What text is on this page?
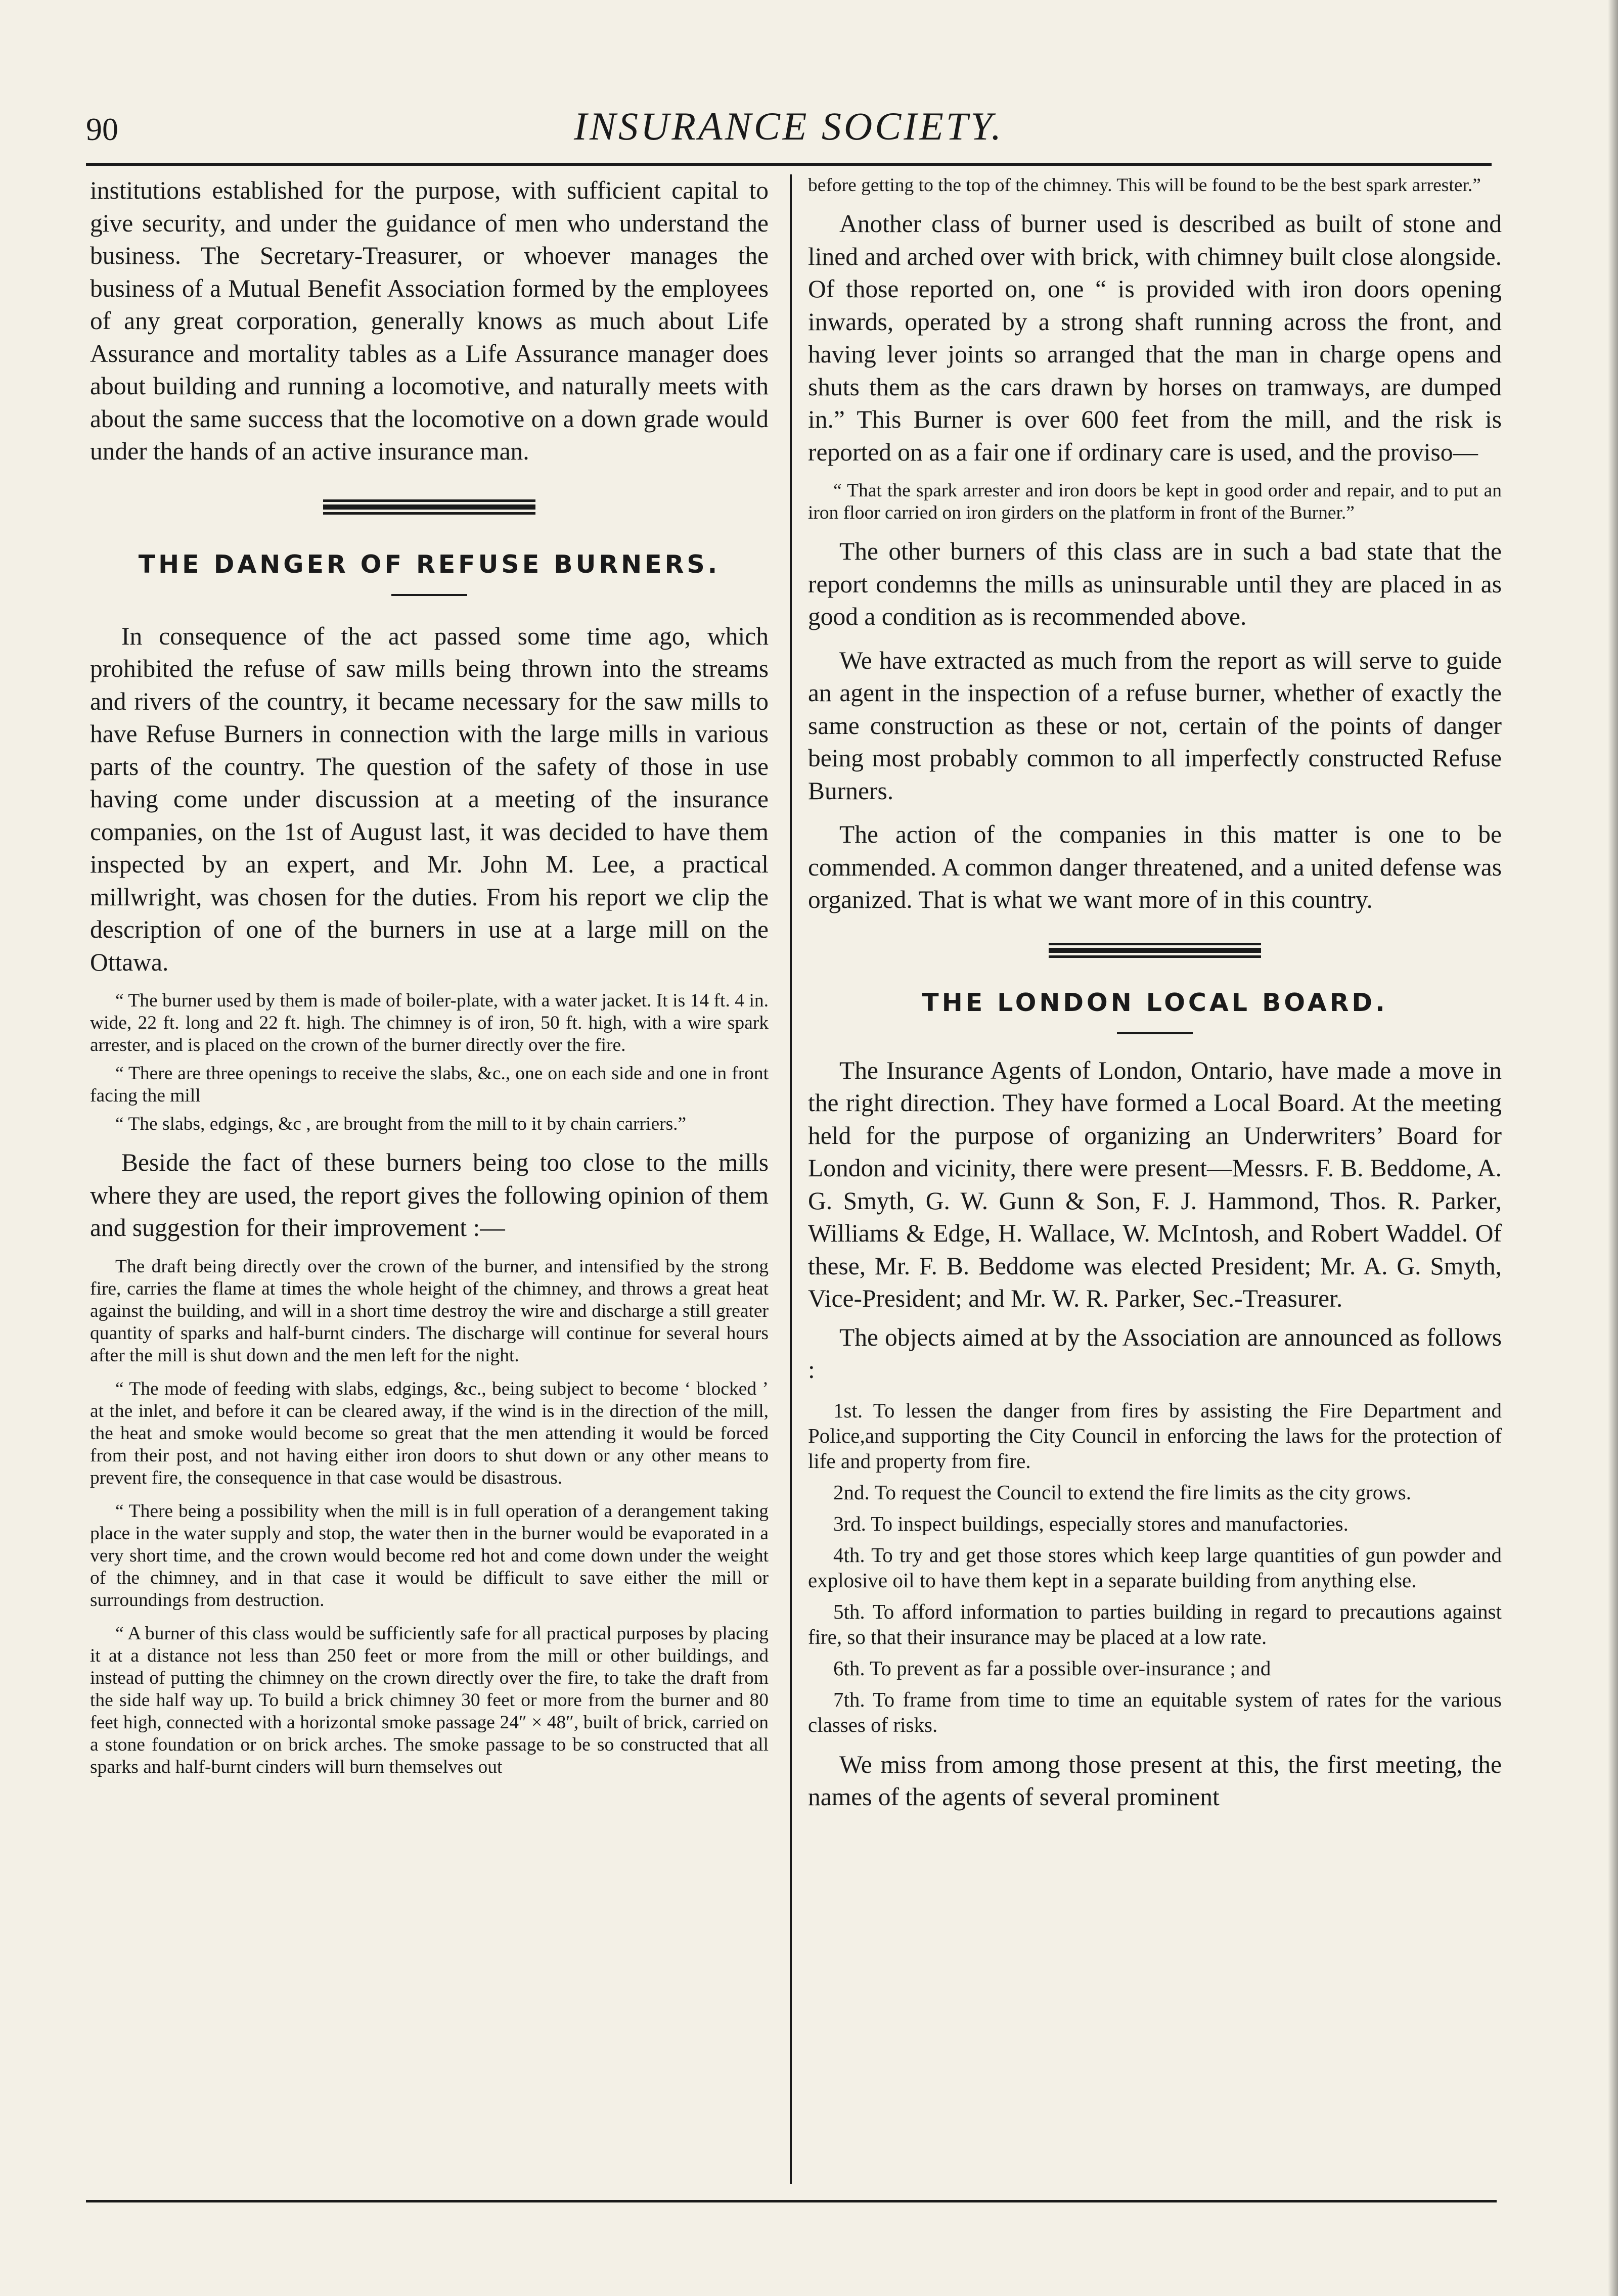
90	INSURANCE SOCIETY.

institutions established for the purpose, with sufficient capital to give security, and under the guidance of men who understand the business. The Secretary-Treasurer, or whoever manages the business of a Mutual Benefit Association formed by the employees of any great corporation, generally knows as much about Life Assurance and mortality tables as a Life Assurance manager does about building and running a locomotive, and naturally meets with about the same success that the locomotive on a down grade would under the hands of an active insurance man.

THE DANGER OF REFUSE BURNERS.

In consequence of the act passed some time ago, which prohibited the refuse of saw mills being thrown into the streams and rivers of the country, it became necessary for the saw mills to have Refuse Burners in connection with the large mills in various parts of the country. The question of the safety of those in use having come under discussion at a meeting of the insurance companies, on the 1st of August last, it was decided to have them inspected by an expert, and Mr. John M. Lee, a practical millwright, was chosen for the duties. From his report we clip the description of one of the burners in use at a large mill on the Ottawa.

“ The burner used by them is made of boiler-plate, with a water jacket. It is 14 ft. 4 in. wide, 22 ft. long and 22 ft. high. The chimney is of iron, 50 ft. high, with a wire spark arrester, and is placed on the crown of the burner directly over the fire.

“ There are three openings to receive the slabs, &c., one on each side and one in front facing the mill

“ The slabs, edgings, &c , are brought from the mill to it by chain carriers.”

Beside the fact of these burners being too close to the mills where they are used, the report gives the following opinion of them and suggestion for their improvement :—

The draft being directly over the crown of the burner, and intensified by the strong fire, carries the flame at times the whole height of the chimney, and throws a great heat against the building, and will in a short time destroy the wire and discharge a still greater quantity of sparks and half-burnt cinders. The discharge will continue for several hours after the mill is shut down and the men left for the night.

“ The mode of feeding with slabs, edgings, &c., being subject to become ‘ blocked ’ at the inlet, and before it can be cleared away, if the wind is in the direction of the mill, the heat and smoke would become so great that the men attending it would be forced from their post, and not having either iron doors to shut down or any other means to prevent fire, the consequence in that case would be disastrous.

“ There being a possibility when the mill is in full operation of a derangement taking place in the water supply and stop, the water then in the burner would be evaporated in a very short time, and the crown would become red hot and come down under the weight of the chimney, and in that case it would be difficult to save either the mill or surroundings from destruction.

“ A burner of this class would be sufficiently safe for all practical purposes by placing it at a distance not less than 250 feet or more from the mill or other buildings, and instead of putting the chimney on the crown directly over the fire, to take the draft from the side half way up. To build a brick chimney 30 feet or more from the burner and 80 feet high, connected with a horizontal smoke passage 24″ × 48″, built of brick, carried on a stone foundation or on brick arches. The smoke passage to be so constructed that all sparks and half-burnt cinders will burn themselves out

before getting to the top of the chimney. This will be found to be the best spark arrester.”

Another class of burner used is described as built of stone and lined and arched over with brick, with chimney built close alongside. Of those reported on, one “ is provided with iron doors opening inwards, operated by a strong shaft running across the front, and having lever joints so arranged that the man in charge opens and shuts them as the cars drawn by horses on tramways, are dumped in.” This Burner is over 600 feet from the mill, and the risk is reported on as a fair one if ordinary care is used, and the proviso—

“ That the spark arrester and iron doors be kept in good order and repair, and to put an iron floor carried on iron girders on the platform in front of the Burner.”

The other burners of this class are in such a bad state that the report condemns the mills as uninsurable until they are placed in as good a condition as is recommended above.

We have extracted as much from the report as will serve to guide an agent in the inspection of a refuse burner, whether of exactly the same construction as these or not, certain of the points of danger being most probably common to all imperfectly constructed Refuse Burners.

The action of the companies in this matter is one to be commended. A common danger threatened, and a united defense was organized. That is what we want more of in this country.

THE LONDON LOCAL BOARD.

The Insurance Agents of London, Ontario, have made a move in the right direction. They have formed a Local Board. At the meeting held for the purpose of organizing an Underwriters’ Board for London and vicinity, there were present—Messrs. F. B. Beddome, A. G. Smyth, G. W. Gunn & Son, F. J. Hammond, Thos. R. Parker, Williams & Edge, H. Wallace, W. McIntosh, and Robert Waddel. Of these, Mr. F. B. Beddome was elected President; Mr. A. G. Smyth, Vice-President; and Mr. W. R. Parker, Sec.-Treasurer.

The objects aimed at by the Association are announced as follows :

1st. To lessen the danger from fires by assisting the Fire Department and Police,and supporting the City Council in enforcing the laws for the protection of life and property from fire.

2nd. To request the Council to extend the fire limits as the city grows.

3rd. To inspect buildings, especially stores and manufactories.

4th. To try and get those stores which keep large quantities of gun powder and explosive oil to have them kept in a separate building from anything else.

5th. To afford information to parties building in regard to precautions against fire, so that their insurance may be placed at a low rate.

6th. To prevent as far a possible over-insurance ; and

7th. To frame from time to time an equitable system of rates for the various classes of risks.

We miss from among those present at this, the first meeting, the names of the agents of several prominent
